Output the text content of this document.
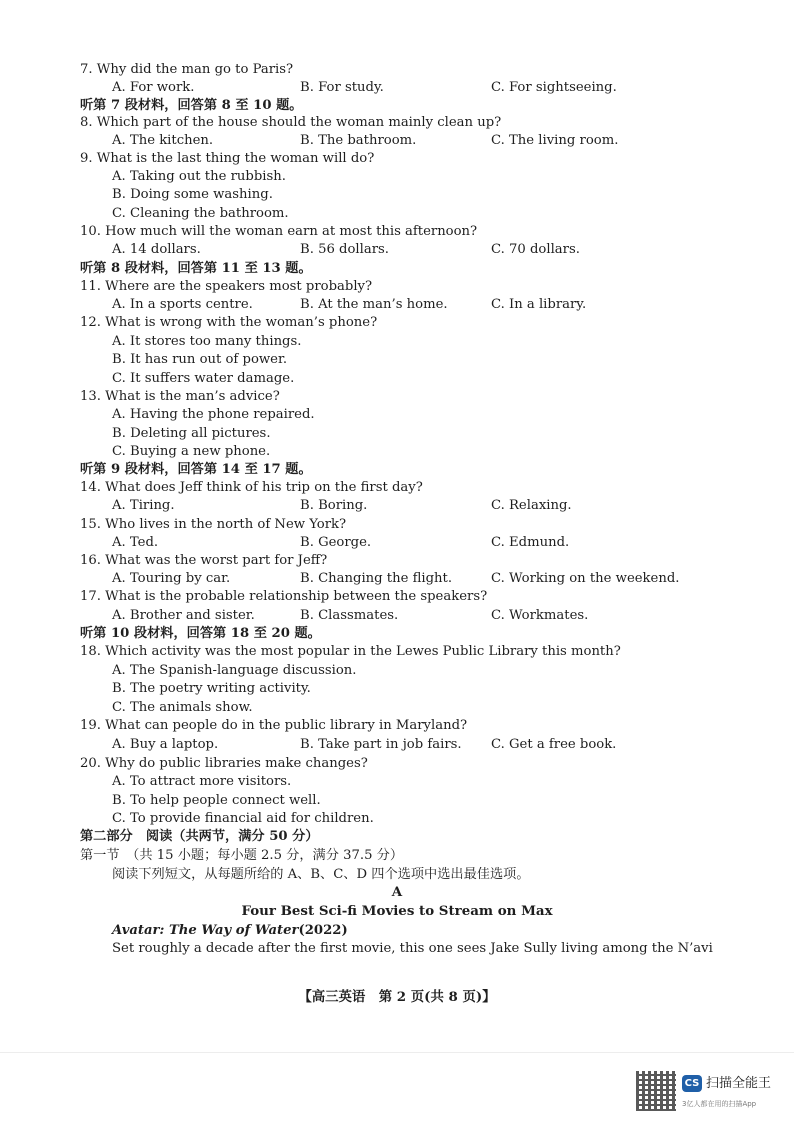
7. Why did the man go to Paris?
A. For work.	B. For study.	C. For sightseeing.
听第 7 段材料，回答第 8 至 10 题。
8. Which part of the house should the woman mainly clean up?
A. The kitchen.	B. The bathroom.	C. The living room.
9. What is the last thing the woman will do?
A. Taking out the rubbish.
B. Doing some washing.
C. Cleaning the bathroom.
10. How much will the woman earn at most this afternoon?
A. 14 dollars.	B. 56 dollars.	C. 70 dollars.
听第 8 段材料，回答第 11 至 13 题。
11. Where are the speakers most probably?
A. In a sports centre.	B. At the man’s home.	C. In a library.
12. What is wrong with the woman’s phone?
A. It stores too many things.
B. It has run out of power.
C. It suffers water damage.
13. What is the man’s advice?
A. Having the phone repaired.
B. Deleting all pictures.
C. Buying a new phone.
听第 9 段材料，回答第 14 至 17 题。
14. What does Jeff think of his trip on the first day?
A. Tiring.	B. Boring.	C. Relaxing.
15. Who lives in the north of New York?
A. Ted.	B. George.	C. Edmund.
16. What was the worst part for Jeff?
A. Touring by car.	B. Changing the flight.	C. Working on the weekend.
17. What is the probable relationship between the speakers?
A. Brother and sister.	B. Classmates.	C. Workmates.
听第 10 段材料，回答第 18 至 20 题。
18. Which activity was the most popular in the Lewes Public Library this month?
A. The Spanish-language discussion.
B. The poetry writing activity.
C. The animals show.
19. What can people do in the public library in Maryland?
A. Buy a laptop.	B. Take part in job fairs. C. Get a free book.
20. Why do public libraries make changes?
A. To attract more visitors.
B. To help people connect well.
C. To provide financial aid for children.
第二部分　阅读（共两节，满分 50 分）
第一节　（共 15 小题；每小题 2.5 分，满分 37.5 分）
阅读下列短文，从每题所给的 A、B、C、D 四个选项中选出最佳选项。
A
Four Best Sci-fi Movies to Stream on Max
Avatar: The Way of Water(2022)
Set roughly a decade after the first movie, this one sees Jake Sully living among the N’avi
【高三英语　第 2 页(共 8 页)】
CS 扫描全能王
3亿人都在用的扫描App
